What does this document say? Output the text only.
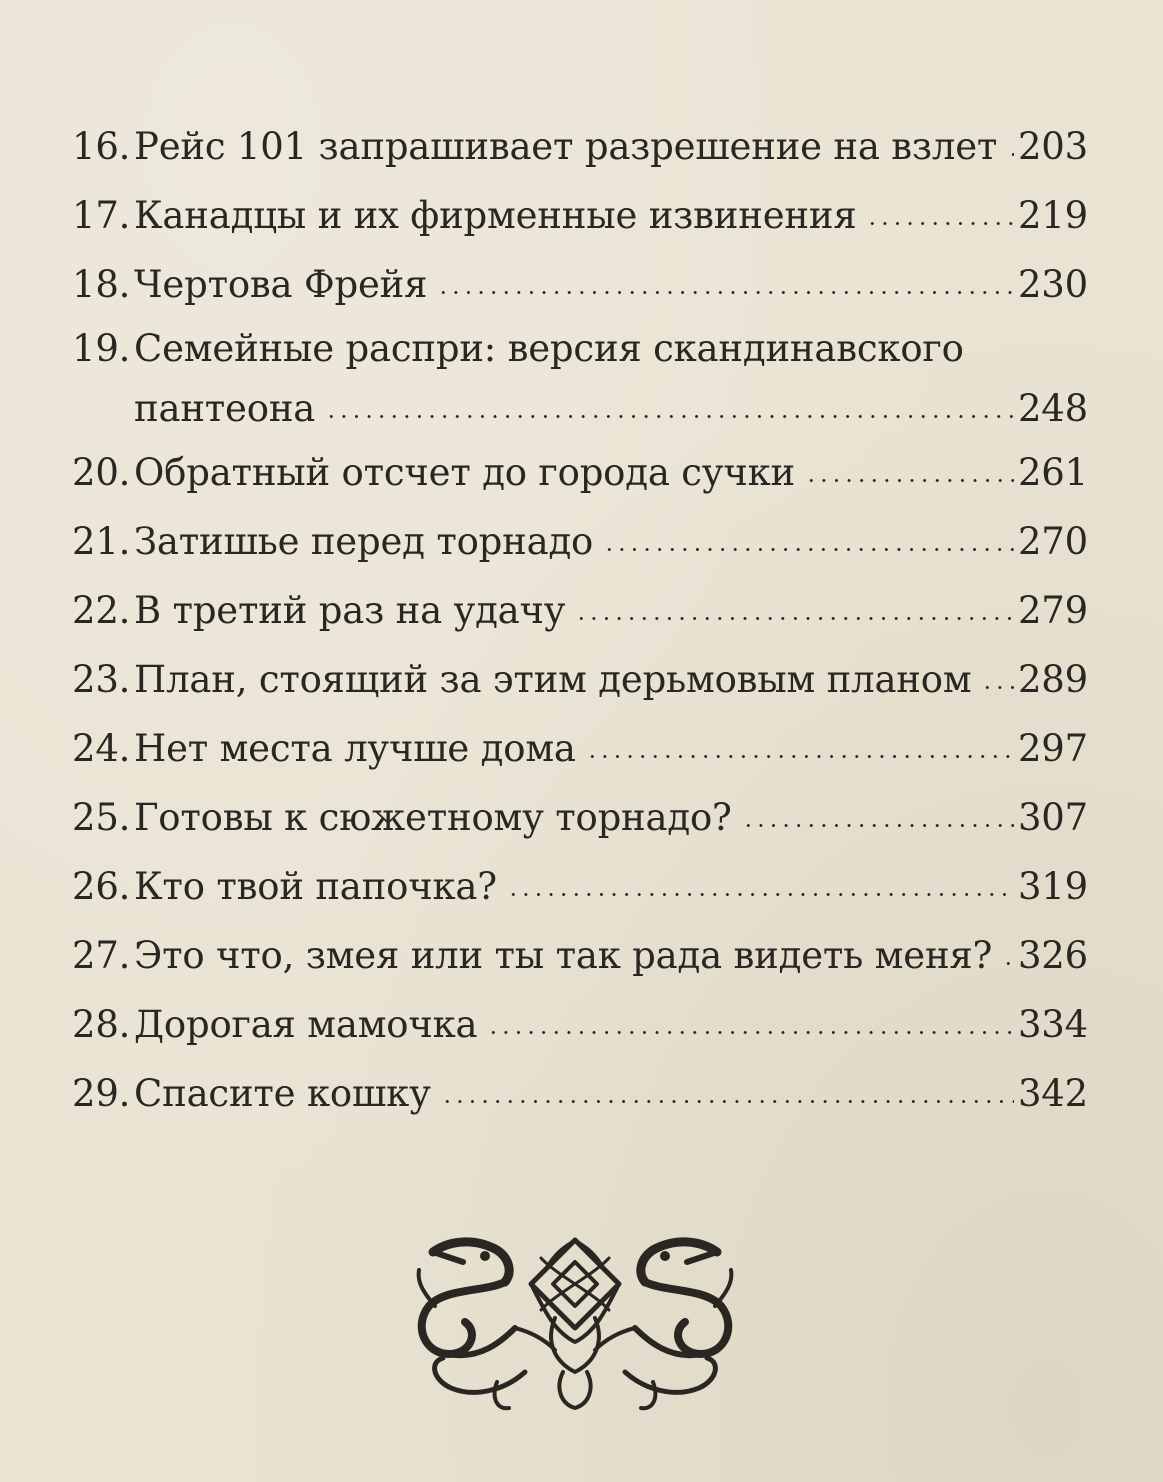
16. Рейс 101 запрашивает разрешение на взлет 203
17. Канадцы и их фирменные извинения	219
18. Чертова Фрейя	230
19. Семейные распри: версия скандинавского
пантеона	248
20. Обратный отсчет до города сучки	261
21. Затишье перед торнадо	270
22. В третий раз на удачу	279
23. План, стоящий за этим дерьмовым планом 289
24. Нет места лучше дома	297
25. Готовы к сюжетному торнадо?	307
26. Кто твой папочка?	319
27. Это что, змея или ты так рада видеть меня? 326
28. Дорогая мамочка	334
29. Спасите кошку	342
